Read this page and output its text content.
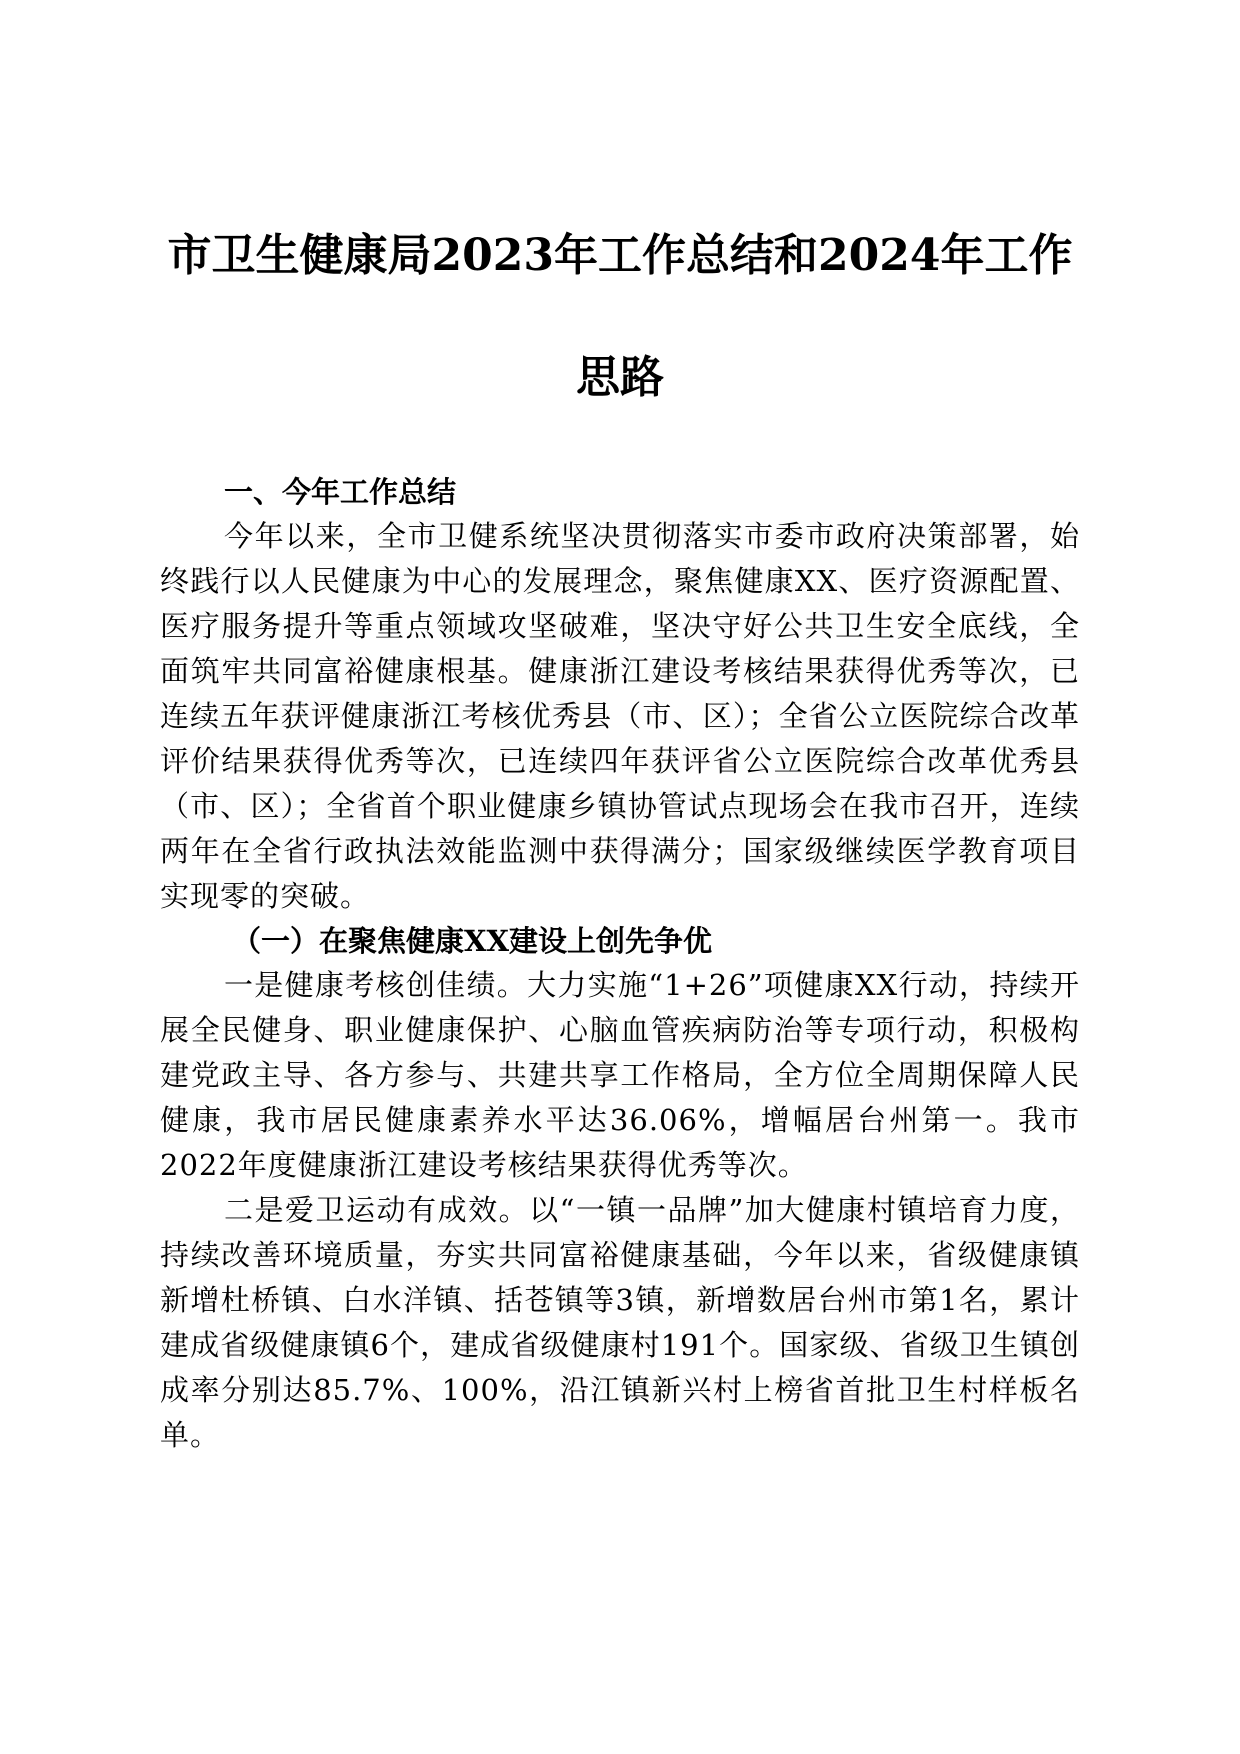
市卫生健康局2023年工作总结和2024年工作
思路

一、今年工作总结

今年以来，全市卫健系统坚决贯彻落实市委市政府决策部署，始终践行以人民健康为中心的发展理念，聚焦健康XX、医疗资源配置、医疗服务提升等重点领域攻坚破难，坚决守好公共卫生安全底线，全面筑牢共同富裕健康根基。健康浙江建设考核结果获得优秀等次，已连续五年获评健康浙江考核优秀县（市、区）；全省公立医院综合改革评价结果获得优秀等次，已连续四年获评省公立医院综合改革优秀县（市、区）；全省首个职业健康乡镇协管试点现场会在我市召开，连续两年在全省行政执法效能监测中获得满分；国家级继续医学教育项目实现零的突破。

（一）在聚焦健康XX建设上创先争优

一是健康考核创佳绩。大力实施“1+26”项健康XX行动，持续开展全民健身、职业健康保护、心脑血管疾病防治等专项行动，积极构建党政主导、各方参与、共建共享工作格局，全方位全周期保障人民健康，我市居民健康素养水平达36.06%，增幅居台州第一。我市2022年度健康浙江建设考核结果获得优秀等次。

二是爱卫运动有成效。以“一镇一品牌”加大健康村镇培育力度，持续改善环境质量，夯实共同富裕健康基础，今年以来，省级健康镇新增杜桥镇、白水洋镇、括苍镇等3镇，新增数居台州市第1名，累计建成省级健康镇6个，建成省级健康村191个。国家级、省级卫生镇创成率分别达85.7%、100%，沿江镇新兴村上榜省首批卫生村样板名单。
